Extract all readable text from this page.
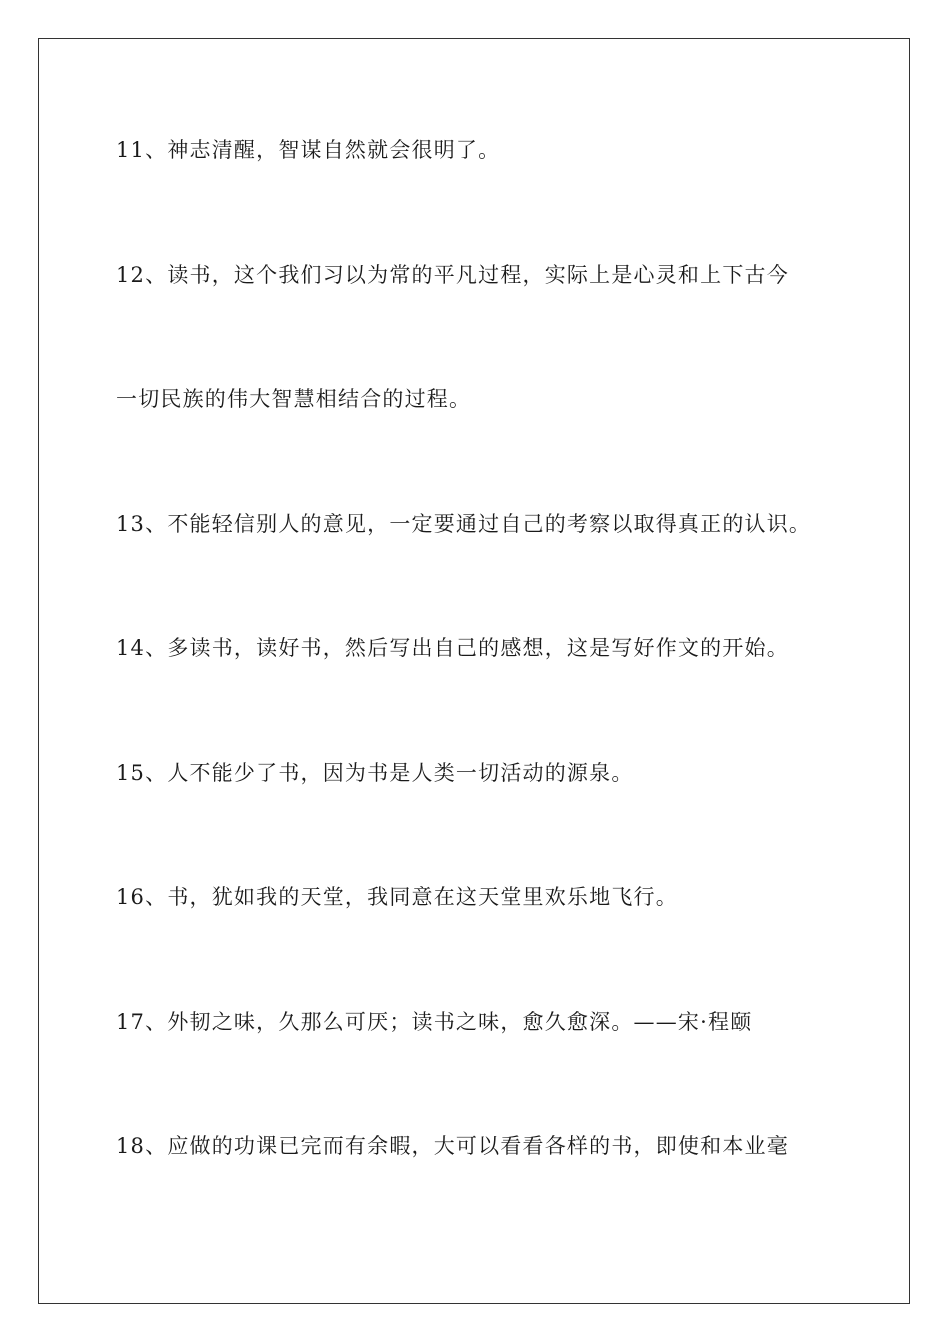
11、神志清醒，智谋自然就会很明了。
12、读书，这个我们习以为常的平凡过程，实际上是心灵和上下古今
一切民族的伟大智慧相结合的过程。
13、不能轻信别人的意见，一定要通过自己的考察以取得真正的认识。
14、多读书，读好书，然后写出自己的感想，这是写好作文的开始。
15、人不能少了书，因为书是人类一切活动的源泉。
16、书，犹如我的天堂，我同意在这天堂里欢乐地飞行。
17、外韧之味，久那么可厌；读书之味，愈久愈深。——宋·程颐
18、应做的功课已完而有余暇，大可以看看各样的书，即使和本业毫
